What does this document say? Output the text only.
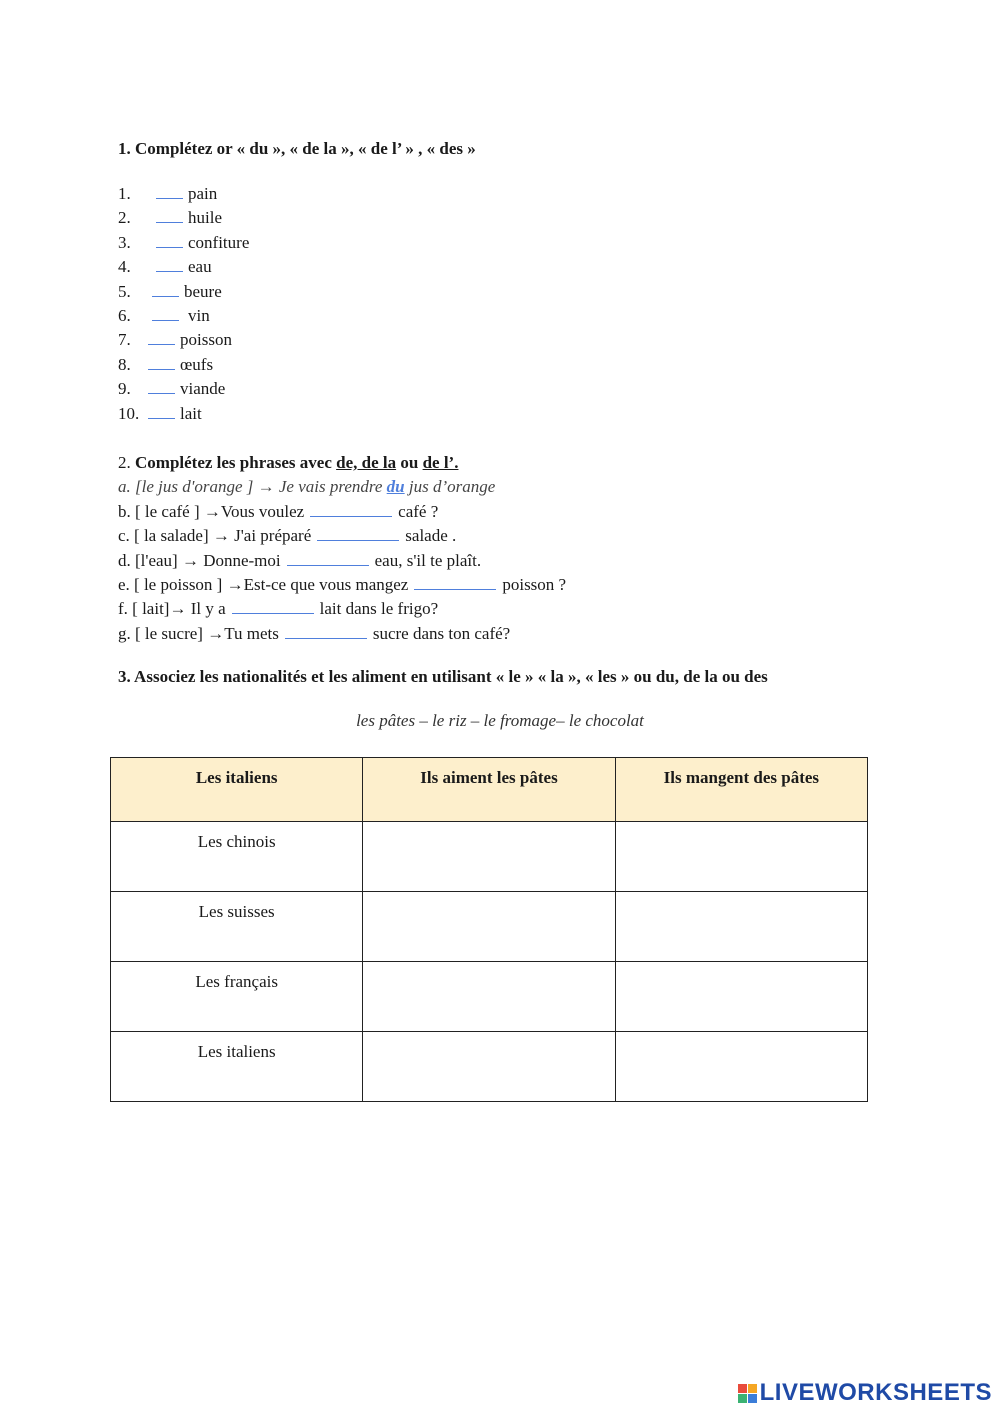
1. Complétez or « du », « de la », « de l’ » , « des »
1.	pain
2.	huile
3.	confiture
4.	eau
5.	beure
6.	vin
7.	poisson
8.	œufs
9.	viande
10. lait
2. Complétez les phrases avec de, de la ou de l’.
a. [le jus d'orange ] → Je vais prendre du jus d’orange
b. [ le café ] →Vous voulez	café ?
c. [ la salade] → J'ai préparé	salade .
d. [l'eau] → Donne-moi	eau, s'il te plaît.
e. [ le poisson ] →Est-ce que vous mangez	poisson ?
f. [ lait]→ Il y a	lait dans le frigo?
g. [ le sucre] →Tu mets	sucre dans ton café?
3. Associez les nationalités et les aliment en utilisant « le » « la », « les » ou du, de la ou des
les pâtes – le riz – le fromage– le chocolat
Les italiens	Ils aiment les pâtes	Ils mangent des pâtes
Les chinois		
Les suisses		
Les français		
Les italiens		
LIVEWORKSHEETS
